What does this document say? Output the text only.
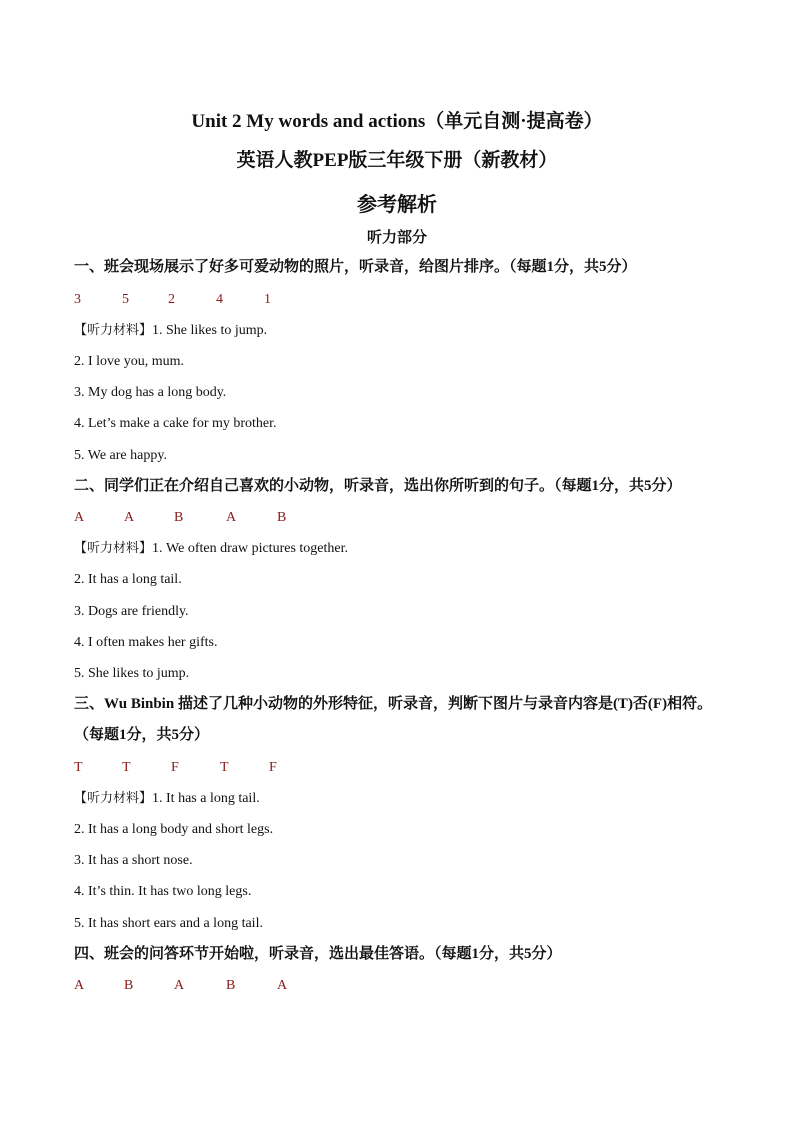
Unit 2 My words and actions（单元自测·提高卷）
英语人教PEP版三年级下册（新教材）
参考解析
听力部分
一、班会现场展示了好多可爱动物的照片，听录音，给图片排序。（每题1分，共5分）
3	5	2	4	1
【听力材料】1. She likes to jump.
2. I love you, mum.
3. My dog has a long body.
4. Let’s make a cake for my brother.
5. We are happy.
二、同学们正在介绍自己喜欢的小动物，听录音，选出你所听到的句子。（每题1分，共5分）
A	A	B	A	B
【听力材料】1. We often draw pictures together.
2. It has a long tail.
3. Dogs are friendly.
4. I often makes her gifts.
5. She likes to jump.
三、Wu Binbin 描述了几种小动物的外形特征，听录音，判断下图片与录音内容是(T)否(F)相符。（每题1分，共5分）
T	T	F	T	F
【听力材料】1. It has a long tail.
2. It has a long body and short legs.
3. It has a short nose.
4. It’s thin. It has two long legs.
5. It has short ears and a long tail.
四、班会的问答环节开始啦，听录音，选出最佳答语。（每题1分，共5分）
A	B	A	B	A
